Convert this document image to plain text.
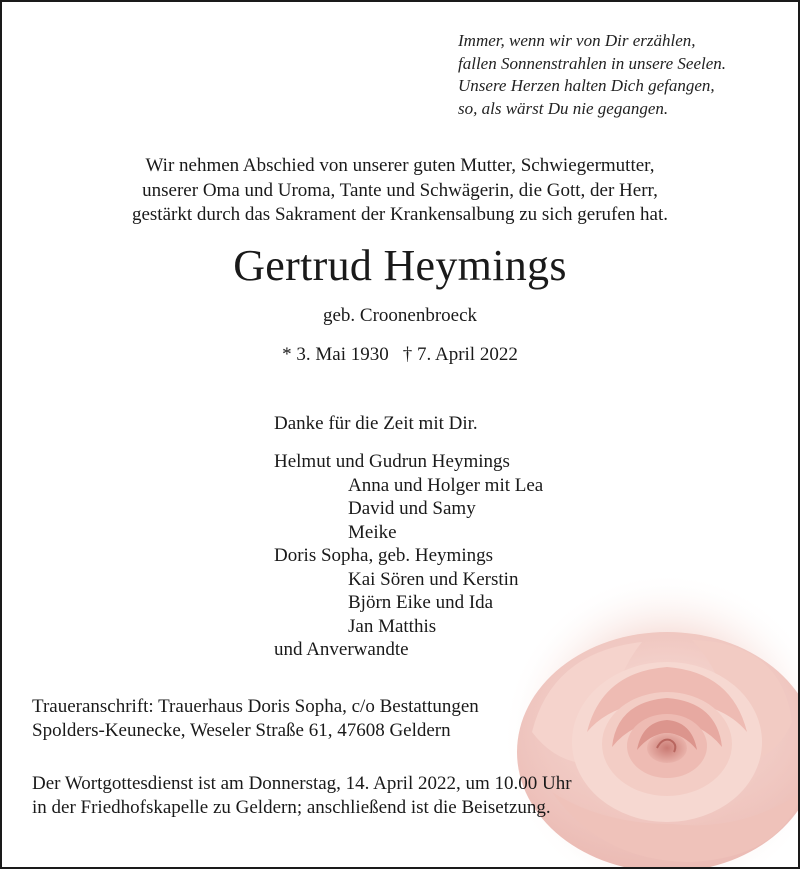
Immer, wenn wir von Dir erzählen,
fallen Sonnenstrahlen in unsere Seelen.
Unsere Herzen halten Dich gefangen,
so, als wärst Du nie gegangen.
Wir nehmen Abschied von unserer guten Mutter, Schwiegermutter,
unserer Oma und Uroma, Tante und Schwägerin, die Gott, der Herr,
gestärkt durch das Sakrament der Krankensalbung zu sich gerufen hat.
Gertrud Heymings
geb. Croonenbroeck
* 3. Mai 1930 † 7. April 2022
Danke für die Zeit mit Dir.
Helmut und Gudrun Heymings
Anna und Holger mit Lea
David und Samy
Meike
Doris Sopha, geb. Heymings
Kai Sören und Kerstin
Björn Eike und Ida
Jan Matthis
und Anverwandte
Traueranschrift: Trauerhaus Doris Sopha, c/o Bestattungen
Spolders-Keunecke, Weseler Straße 61, 47608 Geldern
Der Wortgottesdienst ist am Donnerstag, 14. April 2022, um 10.00 Uhr
in der Friedhofskapelle zu Geldern; anschließend ist die Beisetzung.
